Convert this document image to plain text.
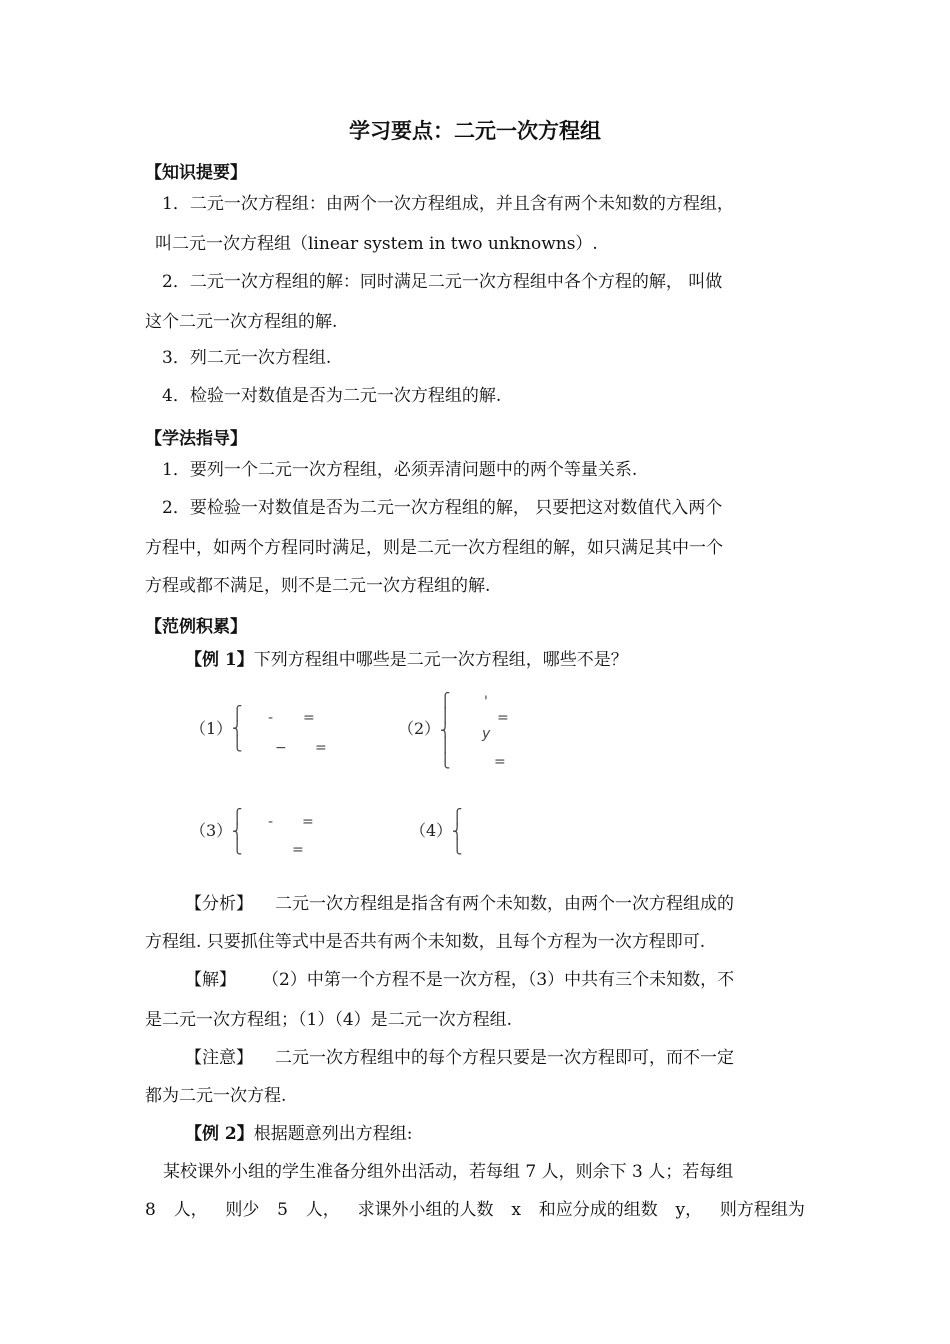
学习要点：二元一次方程组
【知识提要】
1．二元一次方程组：由两个一次方程组成，并且含有两个未知数的方程组，
叫二元一次方程组（linear system in two unknowns）.
2．二元一次方程组的解：同时满足二元一次方程组中各个方程的解， 叫做
这个二元一次方程组的解.
3．列二元一次方程组.
4．检验一对数值是否为二元一次方程组的解.
【学法指导】
1．要列一个二元一次方程组，必须弄清问题中的两个等量关系.
2．要检验一对数值是否为二元一次方程组的解， 只要把这对数值代入两个
方程中，如两个方程同时满足，则是二元一次方程组的解，如只满足其中一个
方程或都不满足，则不是二元一次方程组的解.
【范例积累】
【例 1】下列方程组中哪些是二元一次方程组，哪些不是？
（1）
⎧
⎨
⎩
- =
− =
（2）
⎧
⎪
⎨
⎪
⎩
'
=
y
=
（3）
⎧
⎨
⎩
- =
=
（4）
⎧
⎨
⎩
【分析】 二元一次方程组是指含有两个未知数，由两个一次方程组成的
方程组. 只要抓住等式中是否共有两个未知数，且每个方程为一次方程即可.
【解】 （2）中第一个方程不是一次方程，（3）中共有三个未知数，不
是二元一次方程组；（1）（4）是二元一次方程组.
【注意】 二元一次方程组中的每个方程只要是一次方程即可，而不一定
都为二元一次方程.
【例 2】根据题意列出方程组:
某校课外小组的学生准备分组外出活动，若每组 7 人，则余下 3 人；若每组
8 人， 则少 5 人， 求课外小组的人数 x 和应分成的组数 y， 则方程组为
